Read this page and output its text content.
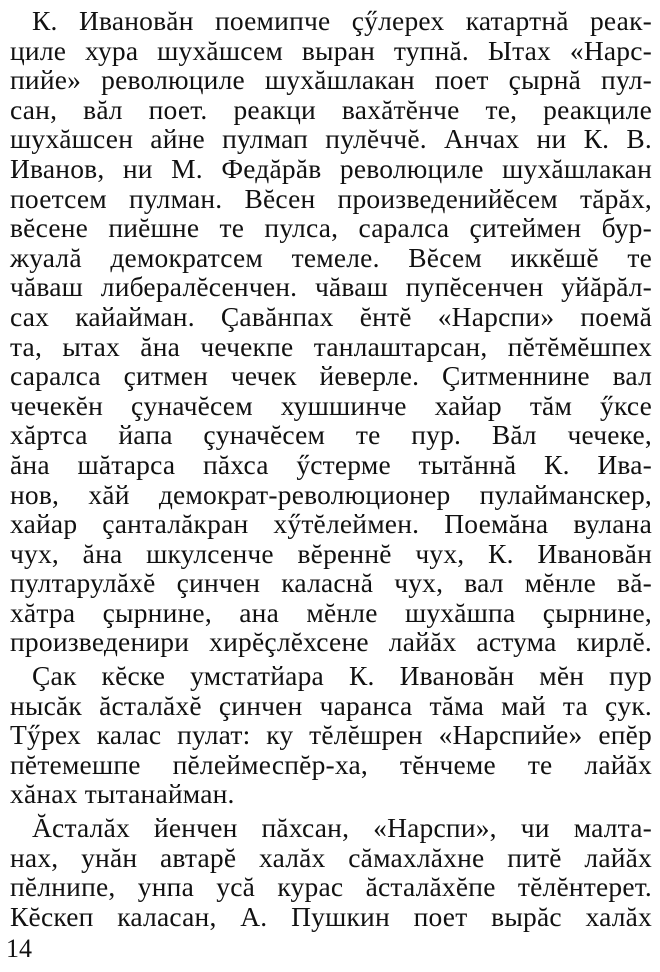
К. Ивановăн поемипче çӳлерех катартнă реак-
циле хура шухăшсем выран тупнă. Ытах «Нарс-
пийе» революциле шухăшлакан поет çырнă пул-
сан, вăл поет. реакци вахăтĕнче те, реакциле
шухăшсен айне пулмап пулĕччĕ. Анчах ни К. В.
Иванов, ни М. Федăрăв революциле шухăшлакан
поетсем пулман. Вĕсен произведенийĕсем тăрăх,
вĕсене пиĕшне те пулса, саралса çитеймен бур-
жуалă демократсем темеле. Вĕсем иккĕшĕ те
чăваш либералĕсенчен. чăваш пупĕсенчен уйăрăл-
сах кайайман. Çавăнпах ĕнтĕ «Нарспи» поемă
та, ытах ăна чечекпе танлаштарсан, пĕтĕмĕшпех
саралса çитмен чечек йеверле. Çитменнине вал
чечекĕн çуначĕсем хушшинче хайар тăм ӳксе
хăртса йапа çуначĕсем те пур. Вăл чечеке,
ăна шăтарса пăхса ӳстерме тытăннă К. Ива-
нов, хăй демократ-революционер пулайманскер,
хайар çанталăкран хӳтĕлеймен. Поемăна вулана
чух, ăна шкулсенче вĕреннĕ чух, К. Ивановăн
пултарулăхĕ çинчен каласнă чух, вал мĕнле вă-
хăтра çырнине, ана мĕнле шухăшпа çырнине,
произведенири хирĕçлĕхсене лайăх астума кирлĕ.
Çак кĕске умстатйара К. Ивановăн мĕн пур
нысăк ăсталăхĕ çинчен чаранса тăма май та çук.
Тӳрех калас пулат: ку тĕлĕшрен «Нарспийе» епĕр
пĕтемешпе пĕлеймеспĕр-ха, тĕнчеме те лайăх
хăнах тытанайман.
Ăсталăх йенчен пăхсан, «Нарспи», чи малта-
нах, унăн автарĕ халăх сăмахлăхне питĕ лайăх
пĕлнипе, унпа усă курас ăсталăхĕпе тĕлĕнтерет.
Кĕскеп каласан, А. Пушкин поет вырăс халăх
14
